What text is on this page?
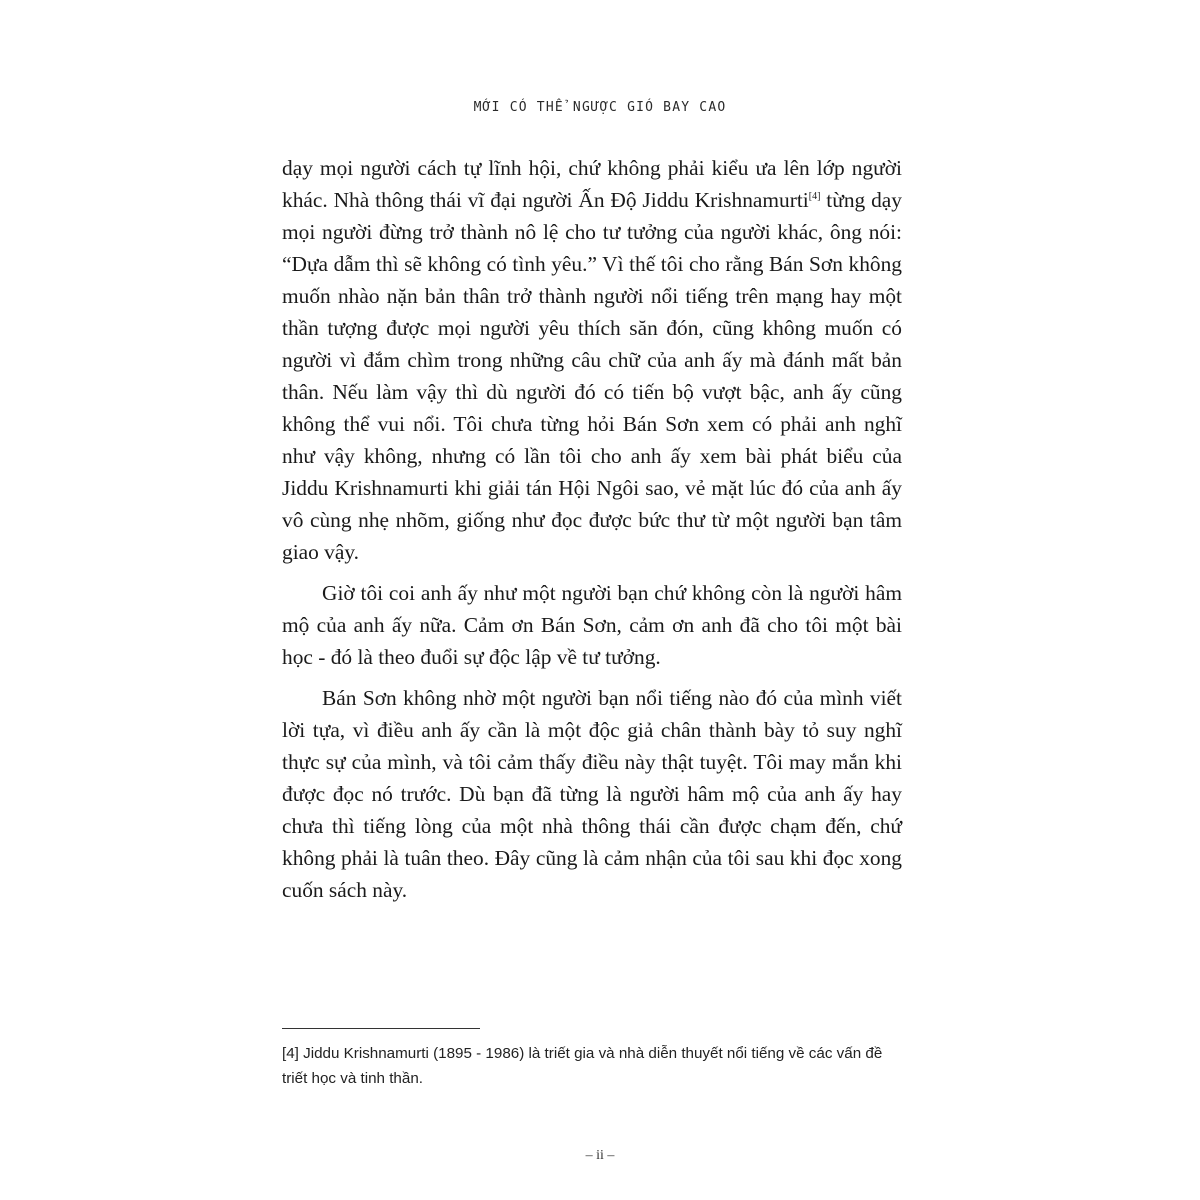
MỚI CÓ THỂ NGƯỢC GIÓ BAY CAO

dạy mọi người cách tự lĩnh hội, chứ không phải kiểu ưa lên lớp người khác. Nhà thông thái vĩ đại người Ấn Độ Jiddu Krishnamurti[4] từng dạy mọi người đừng trở thành nô lệ cho tư tưởng của người khác, ông nói: “Dựa dẫm thì sẽ không có tình yêu.” Vì thế tôi cho rằng Bán Sơn không muốn nhào nặn bản thân trở thành người nổi tiếng trên mạng hay một thần tượng được mọi người yêu thích săn đón, cũng không muốn có người vì đắm chìm trong những câu chữ của anh ấy mà đánh mất bản thân. Nếu làm vậy thì dù người đó có tiến bộ vượt bậc, anh ấy cũng không thể vui nổi. Tôi chưa từng hỏi Bán Sơn xem có phải anh nghĩ như vậy không, nhưng có lần tôi cho anh ấy xem bài phát biểu của Jiddu Krishnamurti khi giải tán Hội Ngôi sao, vẻ mặt lúc đó của anh ấy vô cùng nhẹ nhõm, giống như đọc được bức thư từ một người bạn tâm giao vậy.

Giờ tôi coi anh ấy như một người bạn chứ không còn là người hâm mộ của anh ấy nữa. Cảm ơn Bán Sơn, cảm ơn anh đã cho tôi một bài học - đó là theo đuổi sự độc lập về tư tưởng.

Bán Sơn không nhờ một người bạn nổi tiếng nào đó của mình viết lời tựa, vì điều anh ấy cần là một độc giả chân thành bày tỏ suy nghĩ thực sự của mình, và tôi cảm thấy điều này thật tuyệt. Tôi may mắn khi được đọc nó trước. Dù bạn đã từng là người hâm mộ của anh ấy hay chưa thì tiếng lòng của một nhà thông thái cần được chạm đến, chứ không phải là tuân theo. Đây cũng là cảm nhận của tôi sau khi đọc xong cuốn sách này.

[4] Jiddu Krishnamurti (1895 - 1986) là triết gia và nhà diễn thuyết nổi tiếng về các vấn đề triết học và tinh thần.

– ii –
